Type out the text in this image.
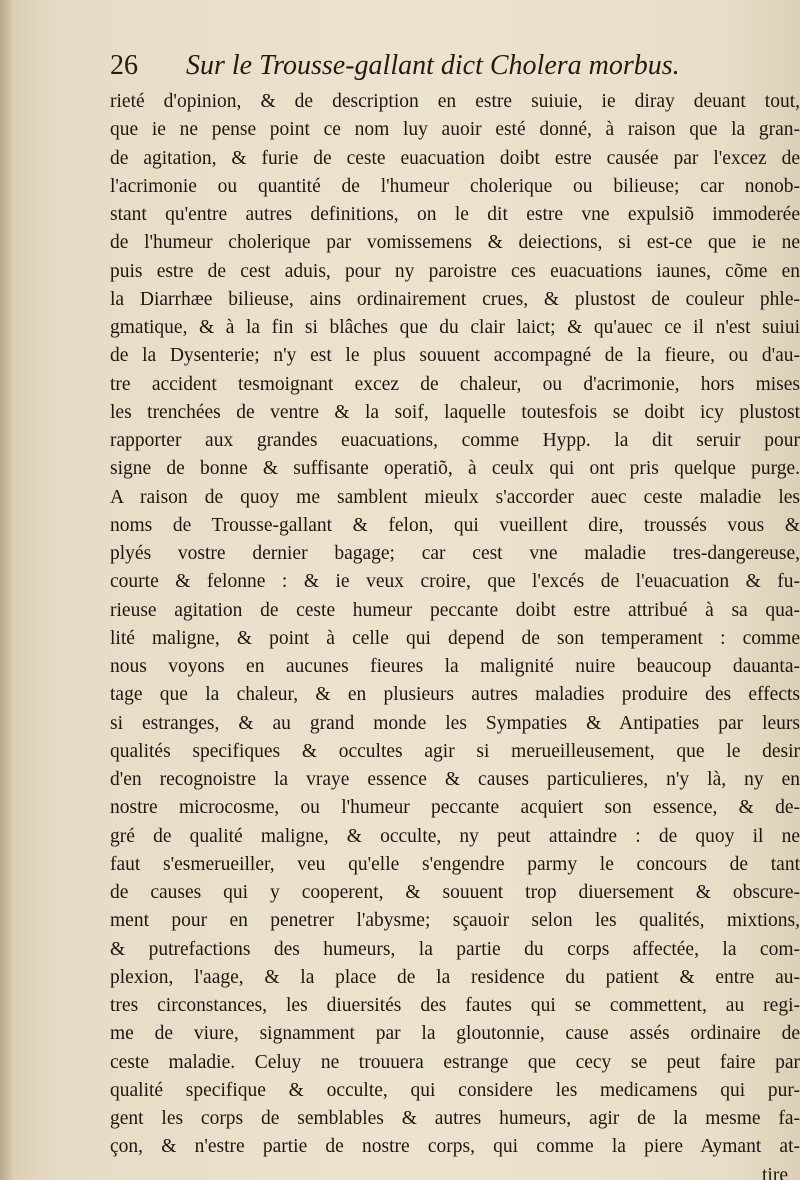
26 Sur le Trousse-gallant dict Cholera morbus.
rieté d'opinion, & de description en estre suiuie, ie diray deuant tout,
que ie ne pense point ce nom luy auoir esté donné, à raison que la gran-
de agitation, & furie de ceste euacuation doibt estre causée par l'excez de
l'acrimonie ou quantité de l'humeur cholerique ou bilieuse; car nonob-
stant qu'entre autres definitions, on le dit estre vne expulsiõ immoderée
de l'humeur cholerique par vomissemens & deiections, si est-ce que ie ne
puis estre de cest aduis, pour ny paroistre ces euacuations iaunes, cõme en
la Diarrhæe bilieuse, ains ordinairement crues, & plustost de couleur phle-
gmatique, & à la fin si blâches que du clair laict; & qu'auec ce il n'est suiui
de la Dysenterie; n'y est le plus souuent accompagné de la fieure, ou d'au-
tre accident tesmoignant excez de chaleur, ou d'acrimonie, hors mises
les trenchées de ventre & la soif, laquelle toutesfois se doibt icy plustost
rapporter aux grandes euacuations, comme Hypp. la dit seruir pour
signe de bonne & suffisante operatiõ, à ceulx qui ont pris quelque purge.
A raison de quoy me samblent mieulx s'accorder auec ceste maladie les
noms de Trousse-gallant & felon, qui vueillent dire, troussés vous &
plyés vostre dernier bagage; car cest vne maladie tres-dangereuse,
courte & felonne : & ie veux croire, que l'excés de l'euacuation & fu-
rieuse agitation de ceste humeur peccante doibt estre attribué à sa qua-
lité maligne, & point à celle qui depend de son temperament : comme
nous voyons en aucunes fieures la malignité nuire beaucoup dauanta-
tage que la chaleur, & en plusieurs autres maladies produire des effects
si estranges, & au grand monde les Sympaties & Antipaties par leurs
qualités specifiques & occultes agir si merueilleusement, que le desir
d'en recognoistre la vraye essence & causes particulieres, n'y là, ny en
nostre microcosme, ou l'humeur peccante acquiert son essence, & de-
gré de qualité maligne, & occulte, ny peut attaindre : de quoy il ne
faut s'esmerueiller, veu qu'elle s'engendre parmy le concours de tant
de causes qui y cooperent, & souuent trop diuersement & obscure-
ment pour en penetrer l'abysme; sçauoir selon les qualités, mixtions,
& putrefactions des humeurs, la partie du corps affectée, la com-
plexion, l'aage, & la place de la residence du patient & entre au-
tres circonstances, les diuersités des fautes qui se commettent, au regi-
me de viure, signamment par la gloutonnie, cause assés ordinaire de
ceste maladie. Celuy ne trouuera estrange que cecy se peut faire par
qualité specifique & occulte, qui considere les medicamens qui pur-
gent les corps de semblables & autres humeurs, agir de la mesme fa-
çon, & n'estre partie de nostre corps, qui comme la piere Aymant at-
tire
